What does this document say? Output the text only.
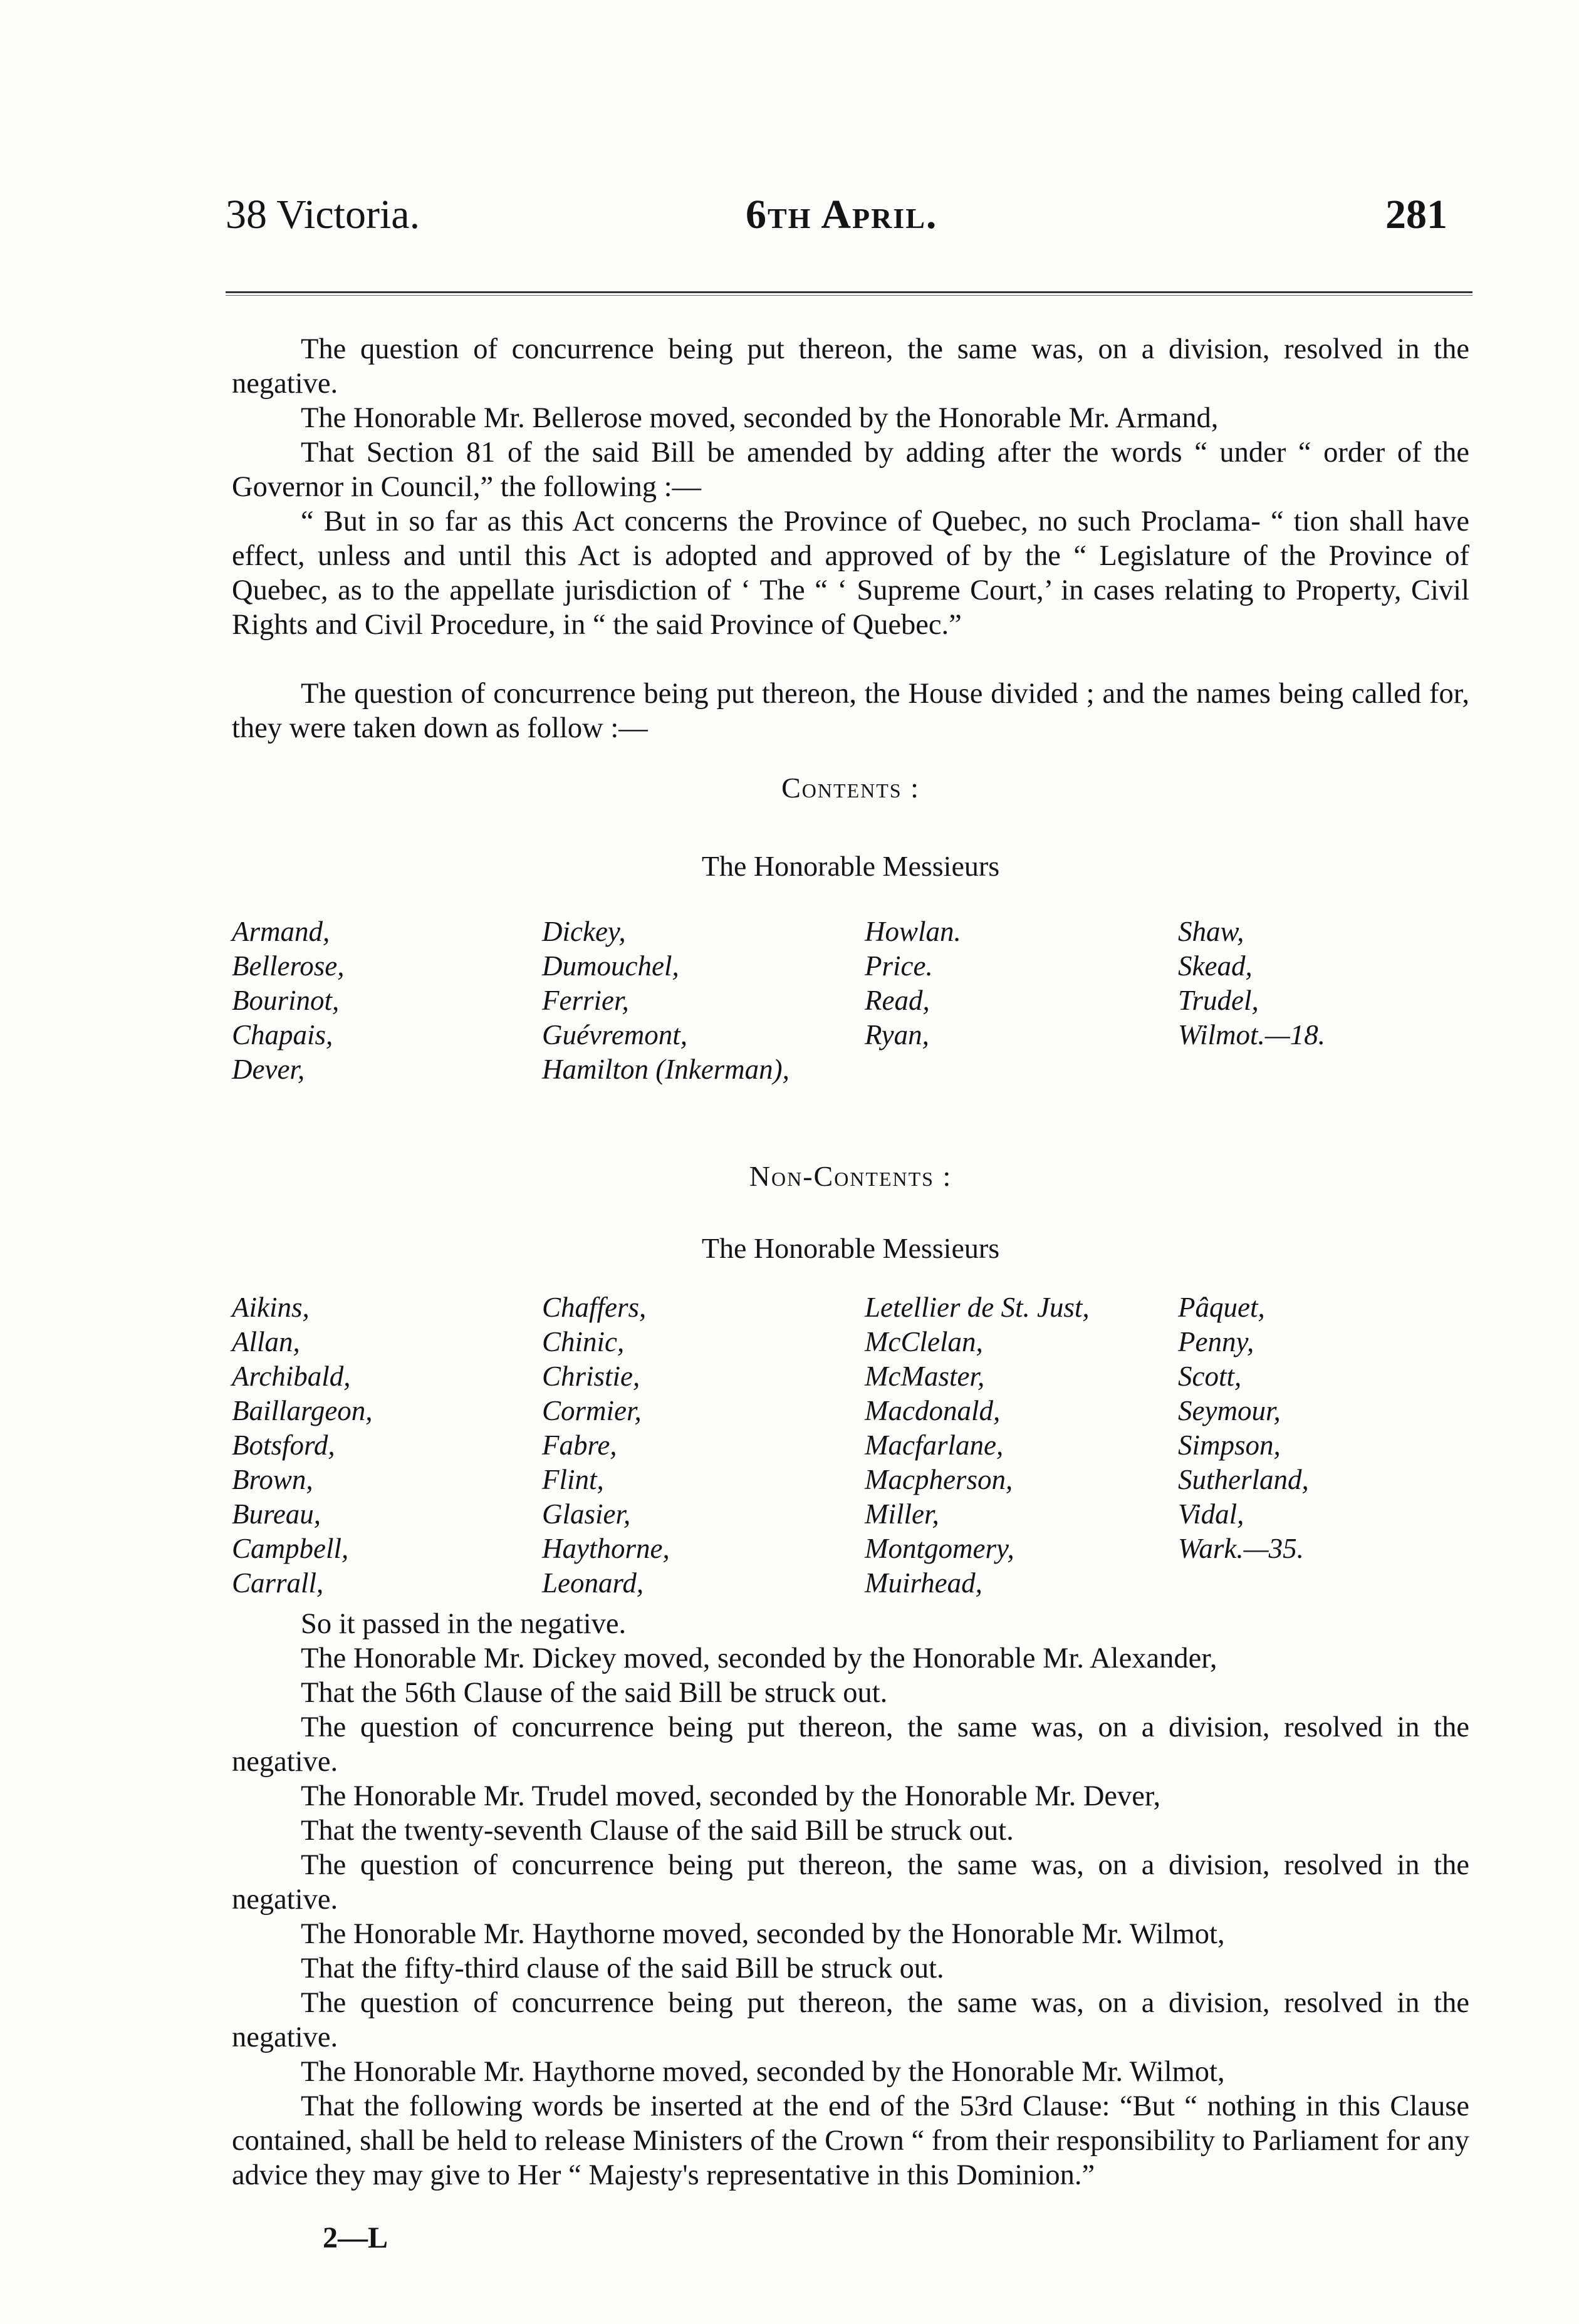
38 Victoria.	6th April.	281

The question of concurrence being put thereon, the same was, on a division, resolved in the negative.

The Honorable Mr. Bellerose moved, seconded by the Honorable Mr. Armand,

That Section 81 of the said Bill be amended by adding after the words “ under “ order of the Governor in Council,” the following :—

“ But in so far as this Act concerns the Province of Quebec, no such Proclama- “ tion shall have effect, unless and until this Act is adopted and approved of by the “ Legislature of the Province of Quebec, as to the appellate jurisdiction of ‘ The “ ‘ Supreme Court,’ in cases relating to Property, Civil Rights and Civil Procedure, in “ the said Province of Quebec.”

The question of concurrence being put thereon, the House divided ; and the names being called for, they were taken down as follow :—

Contents :
The Honorable Messieurs
Armand,
Bellerose,
Bourinot,
Chapais,
Dever,
Dickey,
Dumouchel,
Ferrier,
Guévremont,
Hamilton (Inkerman),
Howlan.
Price.
Read,
Ryan,
Shaw,
Skead,
Trudel,
Wilmot.—18.
Non-Contents :
The Honorable Messieurs
Aikins,
Allan,
Archibald,
Baillargeon,
Botsford,
Brown,
Bureau,
Campbell,
Carrall,
Chaffers,
Chinic,
Christie,
Cormier,
Fabre,
Flint,
Glasier,
Haythorne,
Leonard,
Letellier de St. Just,
McClelan,
McMaster,
Macdonald,
Macfarlane,
Macpherson,
Miller,
Montgomery,
Muirhead,
Pâquet,
Penny,
Scott,
Seymour,
Simpson,
Sutherland,
Vidal,
Wark.—35.

So it passed in the negative.

The Honorable Mr. Dickey moved, seconded by the Honorable Mr. Alexander,

That the 56th Clause of the said Bill be struck out.

The question of concurrence being put thereon, the same was, on a division, resolved in the negative.

The Honorable Mr. Trudel moved, seconded by the Honorable Mr. Dever,

That the twenty-seventh Clause of the said Bill be struck out.

The question of concurrence being put thereon, the same was, on a division, resolved in the negative.

The Honorable Mr. Haythorne moved, seconded by the Honorable Mr. Wilmot,

That the fifty-third clause of the said Bill be struck out.

The question of concurrence being put thereon, the same was, on a division, resolved in the negative.

The Honorable Mr. Haythorne moved, seconded by the Honorable Mr. Wilmot,

That the following words be inserted at the end of the 53rd Clause: “But “ nothing in this Clause contained, shall be held to release Ministers of the Crown “ from their responsibility to Parliament for any advice they may give to Her “ Majesty's representative in this Dominion.”

2—L
